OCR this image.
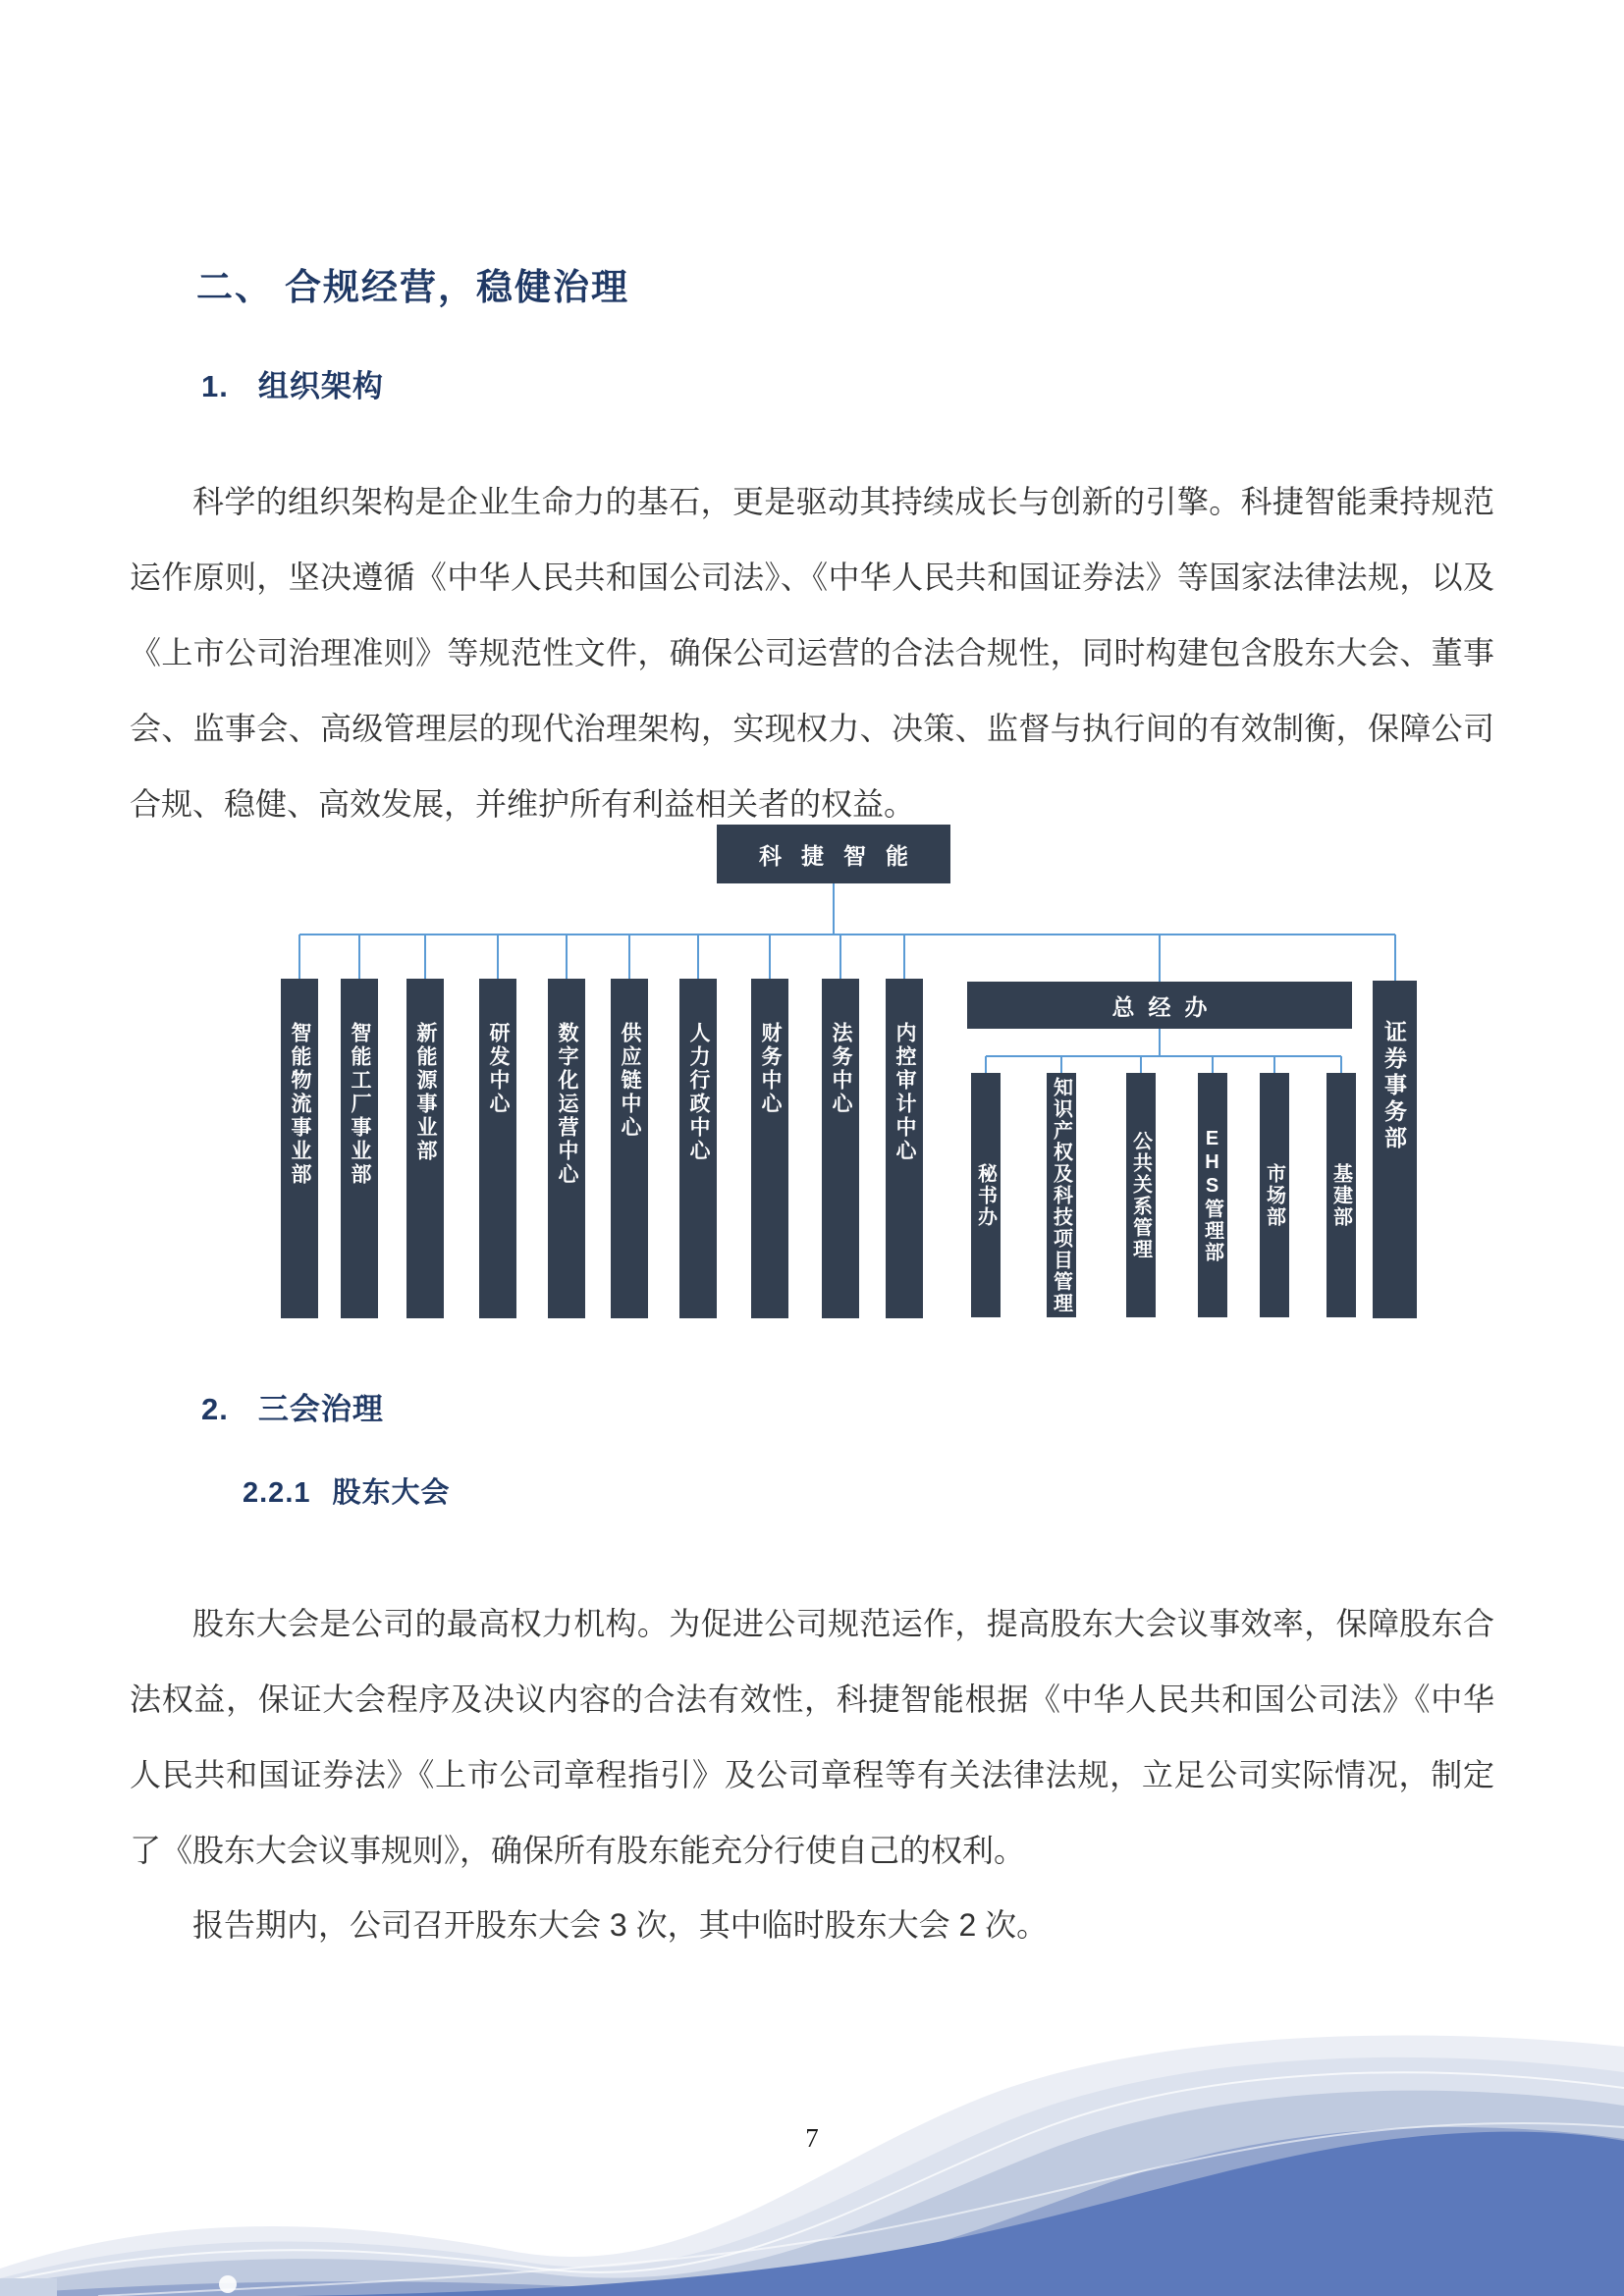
二、 合规经营，稳健治理
1. 组织架构

科学的组织架构是企业生命力的基石，更是驱动其持续成长与创新的引擎。科捷智能秉持规范运作原则，坚决遵循《中华人民共和国公司法》、《中华人民共和国证券法》等国家法律法规，以及《上市公司治理准则》等规范性文件，确保公司运营的合法合规性，同时构建包含股东大会、董事会、监事会、高级管理层的现代治理架构，实现权力、决策、监督与执行间的有效制衡，保障公司合规、稳健、高效发展，并维护所有利益相关者的权益。

科捷智能
智能物流事业部	智能工厂事业部	新能源事业部	研发中心	数字化运营中心	供应链中心	人力行政中心	财务中心	法务中心	内控审计中心
总经办
秘书办	知识产权及科技项目管理	公共关系管理	EHS管理部 市场部 基建部
证券事务部
2. 三会治理
2.2.1 股东大会

股东大会是公司的最高权力机构。为促进公司规范运作，提高股东大会议事效率，保障股东合法权益，保证大会程序及决议内容的合法有效性，科捷智能根据《中华人民共和国公司法》《中华人民共和国证券法》《上市公司章程指引》及公司章程等有关法律法规，立足公司实际情况，制定了《股东大会议事规则》，确保所有股东能充分行使自己的权利。

报告期内，公司召开股东大会 3 次，其中临时股东大会 2 次。

7
